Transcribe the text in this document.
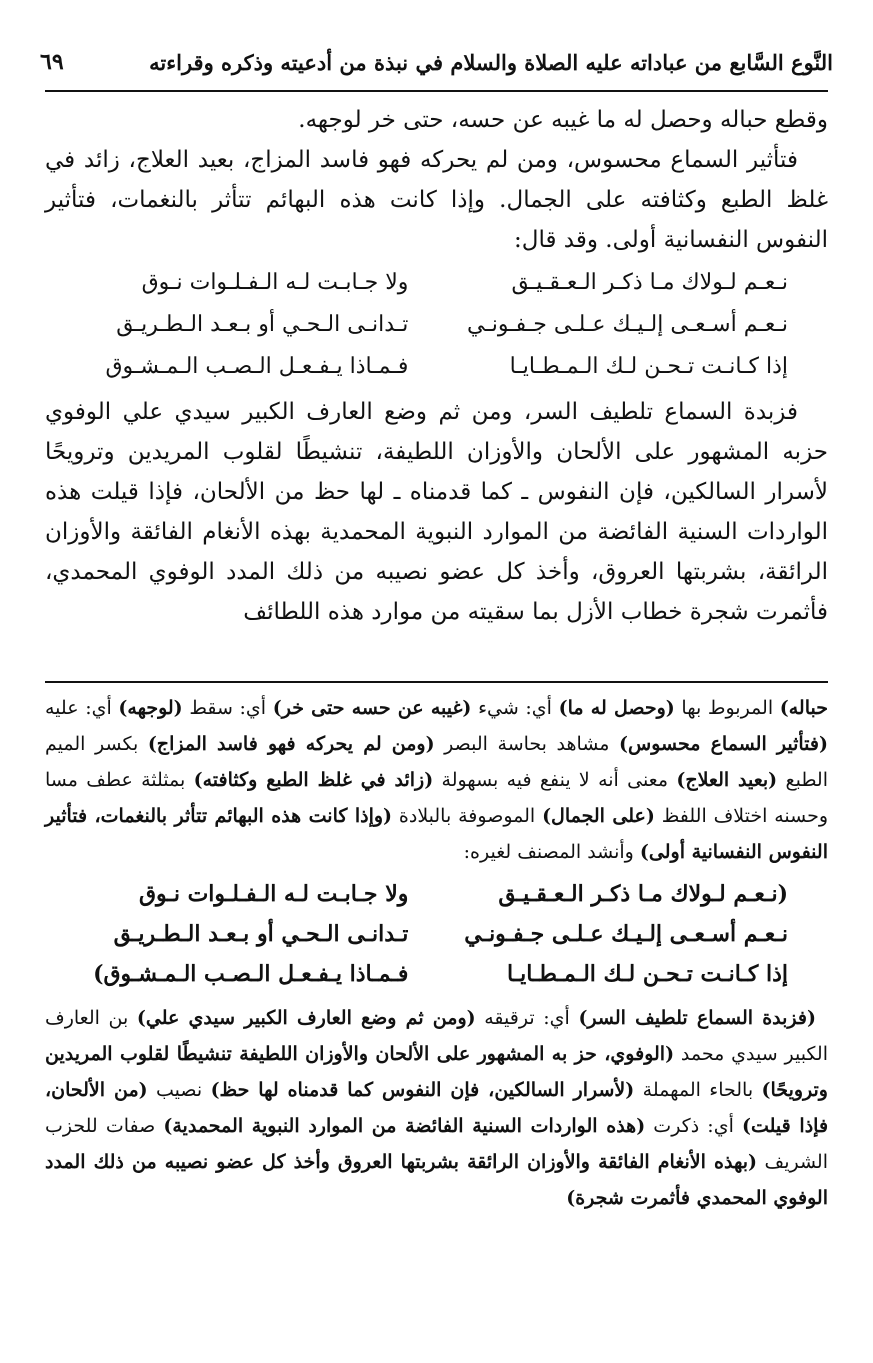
النَّوع السَّابع من عباداته عليه الصلاة والسلام في نبذة من أدعيته وذكره وقراءته
٦٩

وقطع حباله وحصل له ما غيبه عن حسه، حتى خر لوجهه.

فتأثير السماع محسوس، ومن لم يحركه فهو فاسد المزاج، بعيد العلاج، زائد في غلظ الطبع وكثافته على الجمال. وإذا كانت هذه البهائم تتأثر بالنغمات، فتأثير النفوس النفسانية أولى. وقد قال:

نـعـم لـولاك مـا ذكـر الـعـقـيـق
ولا جـابـت لـه الـفـلـوات نـوق
نـعـم أسـعـى إلـيـك عـلـى جـفـونـي
تـدانـى الـحـي أو بـعـد الـطـريـق
إذا كـانـت تـحـن لـك الـمـطـايـا
فـمـاذا يـفـعـل الـصـب الـمـشـوق

فزبدة السماع تلطيف السر، ومن ثم وضع العارف الكبير سيدي علي الوفوي حزبه المشهور على الألحان والأوزان اللطيفة، تنشيطًا لقلوب المريدين وترويحًا لأسرار السالكين، فإن النفوس ـ كما قدمناه ـ لها حظ من الألحان، فإذا قيلت هذه الواردات السنية الفائضة من الموارد النبوية المحمدية بهذه الأنغام الفائقة والأوزان الرائقة، بشربتها العروق، وأخذ كل عضو نصيبه من ذلك المدد الوفوي المحمدي، فأثمرت شجرة خطاب الأزل بما سقيته من موارد هذه اللطائف

حباله) المربوط بها (وحصل له ما) أي: شيء (غيبه عن حسه حتى خر) أي: سقط (لوجهه) أي: عليه (فتأثير السماع محسوس) مشاهد بحاسة البصر (ومن لم يحركه فهو فاسد المزاج) بكسر الميم الطبع (بعيد العلاج) معنى أنه لا ينفع فيه بسهولة (زائد في غلظ الطبع وكثافته) بمثلثة عطف مسا وحسنه اختلاف اللفظ (على الجمال) الموصوفة بالبلادة (وإذا كانت هذه البهائم تتأثر بالنغمات، فتأثير النفوس النفسانية أولى) وأنشد المصنف لغيره:

(نـعـم لـولاك مـا ذكـر الـعـقـيـق
ولا جـابـت لـه الـفـلـوات نـوق
نـعـم أسـعـى إلـيـك عـلـى جـفـونـي
تـدانـى الـحـي أو بـعـد الـطـريـق
إذا كـانـت تـحـن لـك الـمـطـايـا
فـمـاذا يـفـعـل الـصـب الـمـشـوق)

(فزبدة السماع تلطيف السر) أي: ترقيقه (ومن ثم وضع العارف الكبير سيدي علي) بن العارف الكبير سيدي محمد (الوفوي، حز به المشهور على الألحان والأوزان اللطيفة تنشيطًا لقلوب المريدين وترويحًا) بالحاء المهملة (لأسرار السالكين، فإن النفوس كما قدمناه لها حظ) نصيب (من الألحان، فإذا قيلت) أي: ذكرت (هذه الواردات السنية الفائضة من الموارد النبوية المحمدية) صفات للحزب الشريف (بهذه الأنغام الفائقة والأوزان الرائقة بشربتها العروق وأخذ كل عضو نصيبه من ذلك المدد الوفوي المحمدي فأثمرت شجرة)
